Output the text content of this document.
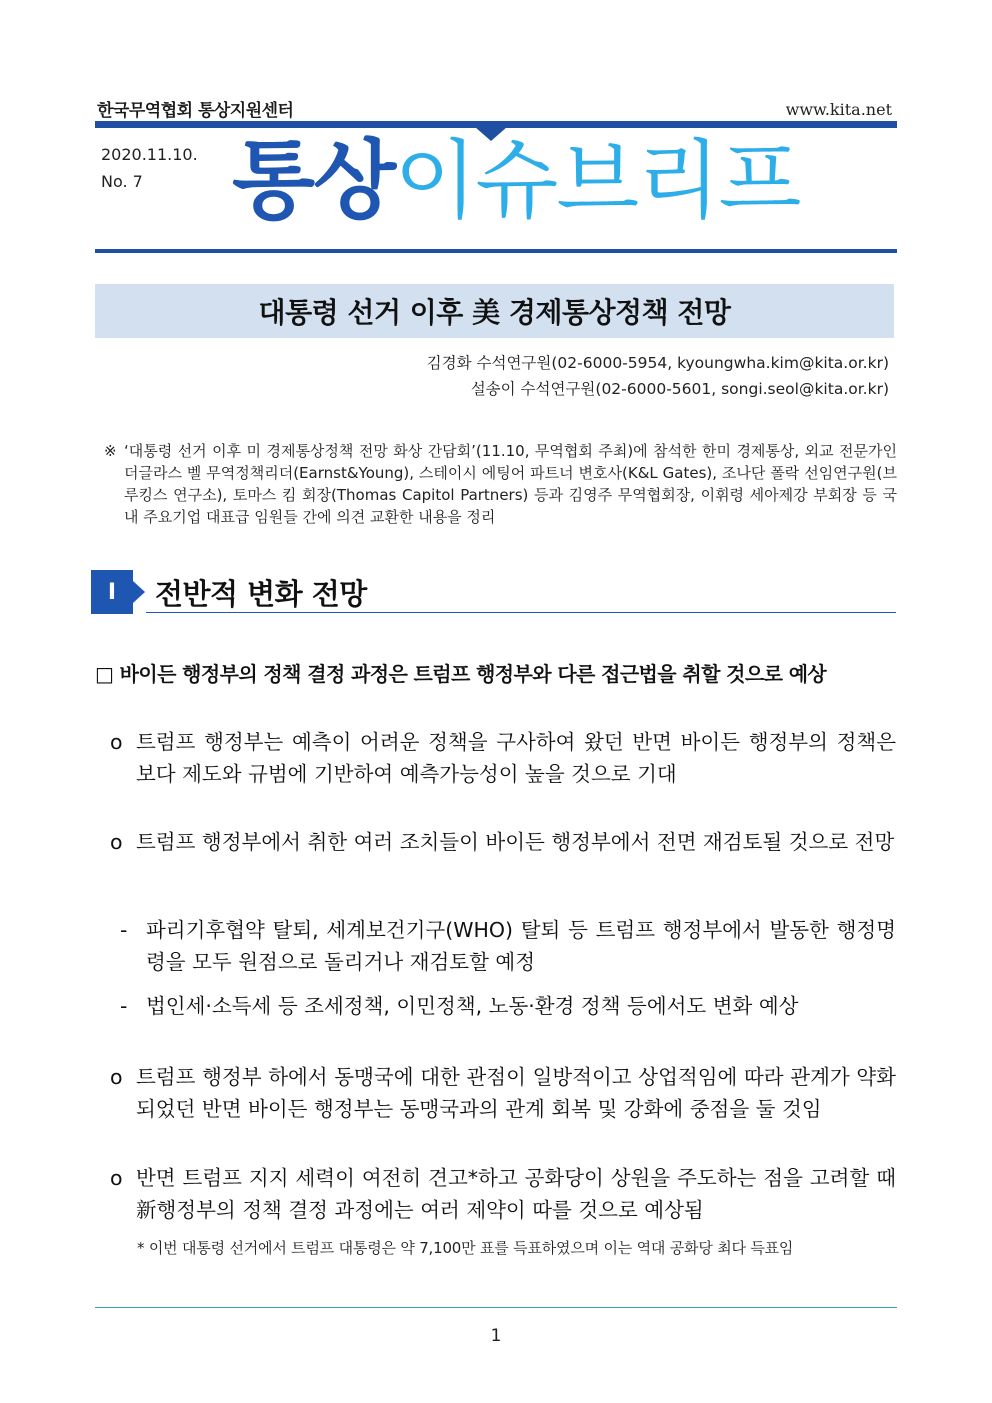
한국무역협회 통상지원센터	www.kita.net
2020.11.10.
No. 7 통상이슈브리프
대통령 선거 이후 美 경제통상정책 전망
김경화 수석연구원(02-6000-5954, kyoungwha.kim@kita.or.kr)
설송이 수석연구원(02-6000-5601, songi.seol@kita.or.kr)
※ ‘대통령 선거 이후 미 경제통상정책 전망 화상 간담회’(11.10, 무역협회 주최)에 참석한 한미 경제통상, 외교 전문가인 더글라스 벨 무역정책리더(Earnst&Young), 스테이시 에팅어 파트너 변호사(K&L Gates), 조나단 폴락 선임연구원(브루킹스 연구소), 토마스 킴 회장(Thomas Capitol Partners) 등과 김영주 무역협회장, 이휘령 세아제강 부회장 등 국내 주요기업 대표급 임원들 간에 의견 교환한 내용을 정리
I	전반적 변화 전망
□ 바이든 행정부의 정책 결정 과정은 트럼프 행정부와 다른 접근법을 취할 것으로 예상
o 트럼프 행정부는 예측이 어려운 정책을 구사하여 왔던 반면 바이든 행정부의 정책은 보다 제도와 규범에 기반하여 예측가능성이 높을 것으로 기대
o 트럼프 행정부에서 취한 여러 조치들이 바이든 행정부에서 전면 재검토될 것으로 전망
- 파리기후협약 탈퇴, 세계보건기구(WHO) 탈퇴 등 트럼프 행정부에서 발동한 행정명령을 모두 원점으로 돌리거나 재검토할 예정
- 법인세·소득세 등 조세정책, 이민정책, 노동·환경 정책 등에서도 변화 예상
o 트럼프 행정부 하에서 동맹국에 대한 관점이 일방적이고 상업적임에 따라 관계가 약화되었던 반면 바이든 행정부는 동맹국과의 관계 회복 및 강화에 중점을 둘 것임
o 반면 트럼프 지지 세력이 여전히 견고*하고 공화당이 상원을 주도하는 점을 고려할 때 新행정부의 정책 결정 과정에는 여러 제약이 따를 것으로 예상됨
* 이번 대통령 선거에서 트럼프 대통령은 약 7,100만 표를 득표하였으며 이는 역대 공화당 최다 득표임
1
